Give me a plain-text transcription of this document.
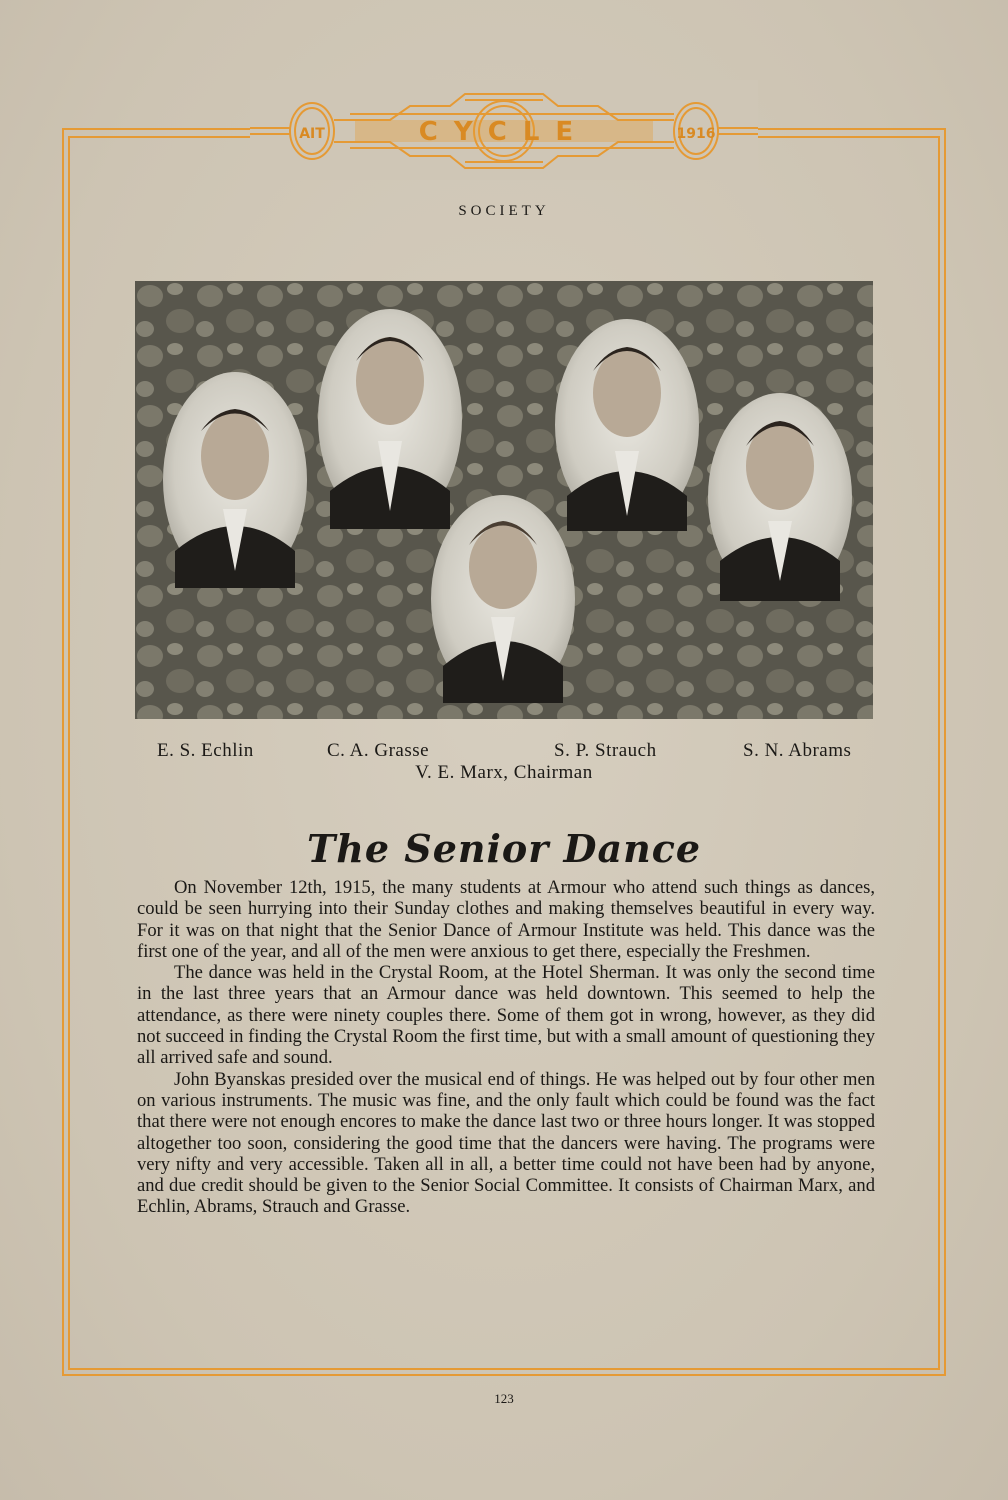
CYCLE
AIT	1916
SOCIETY
E. S. Echlin	C. A. Grasse	S. P. Strauch	S. N. Abrams
V. E. Marx, Chairman
The Senior Dance

On November 12th, 1915, the many students at Armour who attend such things as dances, could be seen hurrying into their Sunday clothes and making themselves beautiful in every way. For it was on that night that the Senior Dance of Armour Institute was held. This dance was the first one of the year, and all of the men were anxious to get there, especially the Freshmen.

The dance was held in the Crystal Room, at the Hotel Sherman. It was only the second time in the last three years that an Armour dance was held downtown. This seemed to help the attendance, as there were ninety couples there. Some of them got in wrong, however, as they did not succeed in finding the Crystal Room the first time, but with a small amount of questioning they all arrived safe and sound.

John Byanskas presided over the musical end of things. He was helped out by four other men on various instruments. The music was fine, and the only fault which could be found was the fact that there were not enough encores to make the dance last two or three hours longer. It was stopped altogether too soon, considering the good time that the dancers were having. The programs were very nifty and very accessible. Taken all in all, a better time could not have been had by anyone, and due credit should be given to the Senior Social Committee. It consists of Chairman Marx, and Echlin, Abrams, Strauch and Grasse.

123
